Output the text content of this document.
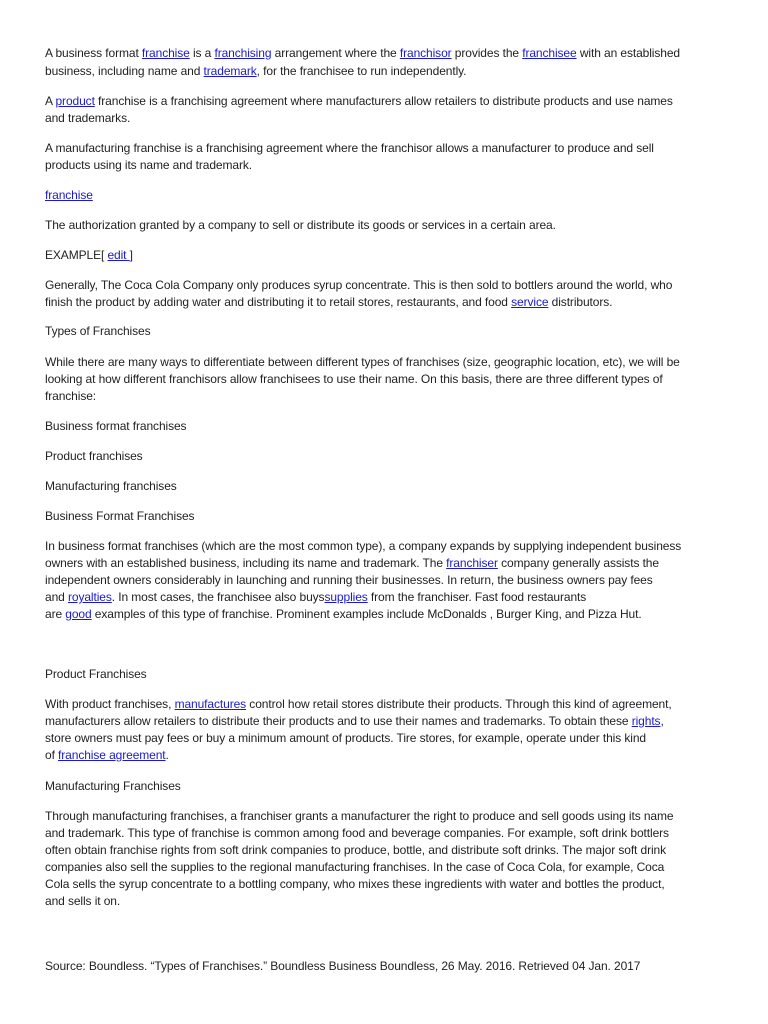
A business format franchise is a franchising arrangement where the franchisor provides the franchisee with an established
business, including name and trademark, for the franchisee to run independently.
A product franchise is a franchising agreement where manufacturers allow retailers to distribute products and use names
and trademarks.
A manufacturing franchise is a franchising agreement where the franchisor allows a manufacturer to produce and sell
products using its name and trademark.
franchise
The authorization granted by a company to sell or distribute its goods or services in a certain area.
EXAMPLE[ edit ]
Generally, The Coca Cola Company only produces syrup concentrate. This is then sold to bottlers around the world, who
finish the product by adding water and distributing it to retail stores, restaurants, and food service distributors.
Types of Franchises
While there are many ways to differentiate between different types of franchises (size, geographic location, etc), we will be
looking at how different franchisors allow franchisees to use their name. On this basis, there are three different types of
franchise:
Business format franchises
Product franchises
Manufacturing franchises
Business Format Franchises
In business format franchises (which are the most common type), a company expands by supplying independent business
owners with an established business, including its name and trademark. The franchiser company generally assists the
independent owners considerably in launching and running their businesses. In return, the business owners pay fees
and royalties. In most cases, the franchisee also buyssupplies from the franchiser. Fast food restaurants
are good examples of this type of franchise. Prominent examples include McDonalds , Burger King, and Pizza Hut.
Product Franchises
With product franchises, manufactures control how retail stores distribute their products. Through this kind of agreement,
manufacturers allow retailers to distribute their products and to use their names and trademarks. To obtain these rights,
store owners must pay fees or buy a minimum amount of products. Tire stores, for example, operate under this kind
of franchise agreement.
Manufacturing Franchises
Through manufacturing franchises, a franchiser grants a manufacturer the right to produce and sell goods using its name
and trademark. This type of franchise is common among food and beverage companies. For example, soft drink bottlers
often obtain franchise rights from soft drink companies to produce, bottle, and distribute soft drinks. The major soft drink
companies also sell the supplies to the regional manufacturing franchises. In the case of Coca Cola, for example, Coca
Cola sells the syrup concentrate to a bottling company, who mixes these ingredients with water and bottles the product,
and sells it on.
Source: Boundless. “Types of Franchises.” Boundless Business Boundless, 26 May. 2016. Retrieved 04 Jan. 2017
